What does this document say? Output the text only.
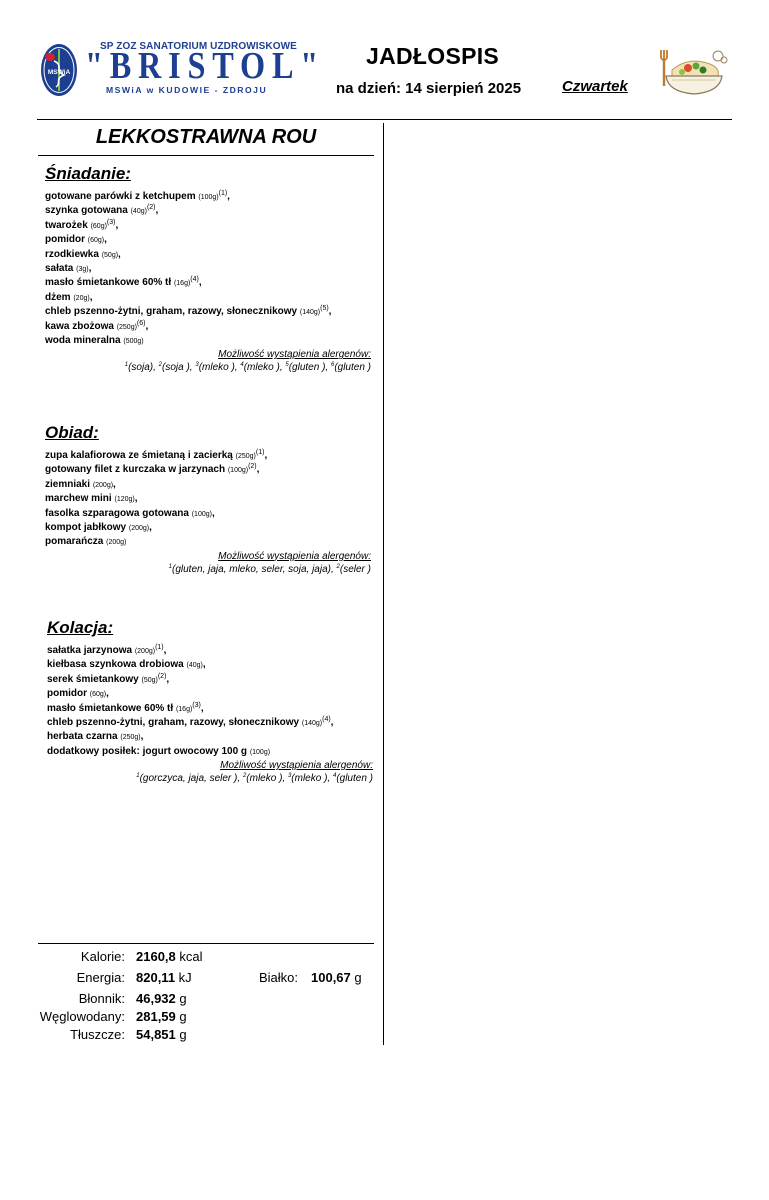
MSWiA
SP ZOZ SANATORIUM UZDROWISKOWE
"BRISTOL"
MSWiA w KUDOWIE - ZDROJU
JADŁOSPIS
na dzień: 14 sierpień 2025	Czwartek
LEKKOSTRAWNA ROU
Śniadanie:
gotowane parówki z ketchupem $(100g)^{(1)}$,
szynka gotowana $(40g)^{(2)}$,
twarożek $(60g)^{(3)}$,
pomidor (60g),
rzodkiewka (50g),
sałata (3g),
masło śmietankowe 60% tł $(16g)^{(4)}$,
dżem (20g),
chleb pszenno-żytni, graham, razowy, słonecznikowy $(140g)^{(5)}$,
kawa zbożowa $(250g)^{(6)}$,
woda mineralna (500g)
Możliwość wystąpienia alergenów:
$^1$(soja), $^2$(soja ), $^3$(mleko ), $^4$(mleko ), $^5$(gluten ), $^6$(gluten )
Obiad:
zupa kalafiorowa ze śmietaną i zacierką $(250g)^{(1)}$,
gotowany filet z kurczaka w jarzynach $(100g)^{(2)}$,
ziemniaki (200g),
marchew mini (120g),
fasolka szparagowa gotowana (100g),
kompot jabłkowy (200g),
pomarańcza (200g)
Możliwość wystąpienia alergenów:
$^1$(gluten, jaja, mleko, seler, soja, jaja), $^2$(seler )
Kolacja:
sałatka jarzynowa $(200g)^{(1)}$,
kiełbasa szynkowa drobiowa (40g),
serek śmietankowy $(50g)^{(2)}$,
pomidor (60g),
masło śmietankowe 60% tł $(16g)^{(3)}$,
chleb pszenno-żytni, graham, razowy, słonecznikowy $(140g)^{(4)}$,
herbata czarna (250g),
dodatkowy posiłek: jogurt owocowy 100 g (100g)
Możliwość wystąpienia alergenów:
$^1$(gorczyca, jaja, seler ), $^2$(mleko ), $^3$(mleko ), $^4$(gluten )
Kalorie: 2160,8 kcal
Energia: 820,11 kJ
Błonnik: 46,932 g
Węglowodany: 281,59 g
Tłuszcze: 54,851 g
Białko: 100,67 g
